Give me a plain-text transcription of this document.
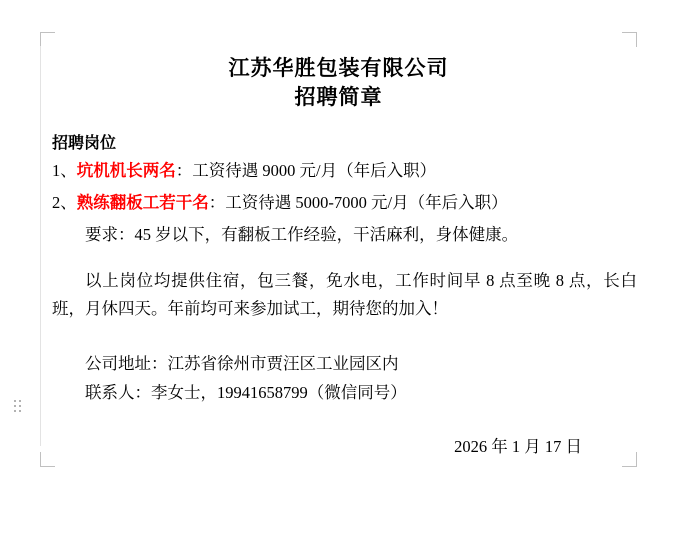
江苏华胜包装有限公司
招聘简章
招聘岗位
1、坑机机长两名：工资待遇 9000 元/月（年后入职）
2、熟练翻板工若干名：工资待遇 5000-7000 元/月（年后入职）
要求：45 岁以下，有翻板工作经验，干活麻利，身体健康。
以上岗位均提供住宿，包三餐，免水电，工作时间早 8 点至晚 8 点，长白班，月休四天。年前均可来参加试工，期待您的加入！
公司地址：江苏省徐州市贾汪区工业园区内
联系人：李女士，19941658799（微信同号）
2026 年 1 月 17 日
